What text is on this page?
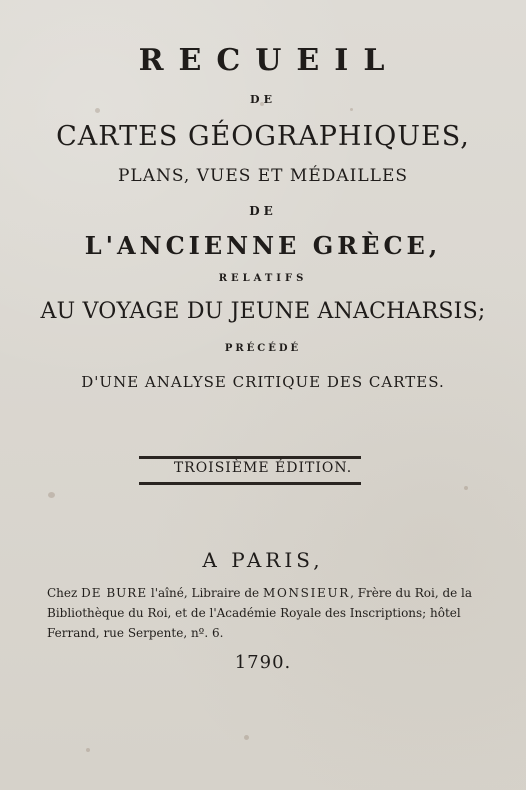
RECUEIL
DE
CARTES GÉOGRAPHIQUES,
PLANS, VUES ET MÉDAILLES
DE
L'ANCIENNE GRÈCE,
RELATIFS
AU VOYAGE DU JEUNE ANACHARSIS;
PRÉCÉDÉ
D'UNE ANALYSE CRITIQUE DES CARTES.
TROISIÈME ÉDITION.
A PARIS,
Chez DE BURE l'aîné, Libraire de MONSIEUR, Frère du Roi, de la
Bibliothèque du Roi, et de l'Académie Royale des Inscriptions; hôtel
Ferrand, rue Serpente, nº. 6.
1790.
